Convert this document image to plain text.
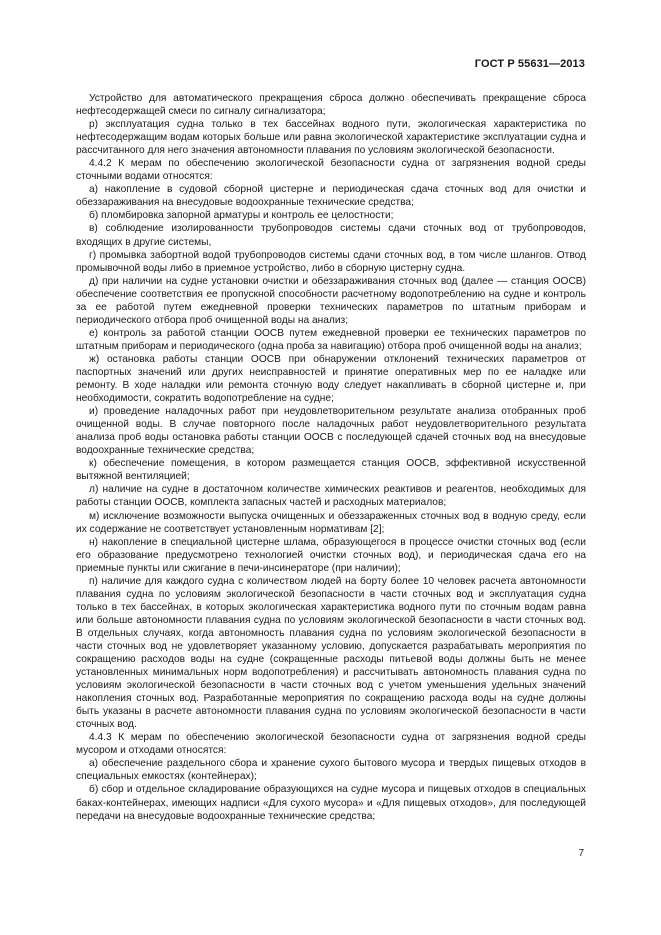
ГОСТ Р 55631—2013

Устройство для автоматического прекращения сброса должно обеспечивать прекращение сброса нефтесодержащей смеси по сигналу сигнализатора;

р) эксплуатация судна только в тех бассейнах водного пути, экологическая характеристика по нефтесодержащим водам которых больше или равна экологической характеристике эксплуатации судна и рассчитанного для него значения автономности плавания по условиям экологической безопасности.

4.4.2 К мерам по обеспечению экологической безопасности судна от загрязнения водной среды сточными водами относятся:

а) накопление в судовой сборной цистерне и периодическая сдача сточных вод для очистки и обеззараживания на внесудовые водоохранные технические средства;

б) пломбировка запорной арматуры и контроль ее целостности;

в) соблюдение изолированности трубопроводов системы сдачи сточных вод от трубопроводов, входящих в другие системы,

г) промывка забортной водой трубопроводов системы сдачи сточных вод, в том числе шлангов. Отвод промывочной воды либо в приемное устройство, либо в сборную цистерну судна.

д) при наличии на судне установки очистки и обеззараживания сточных вод (далее — станция ООСВ) обеспечение соответствия ее пропускной способности расчетному водопотреблению на судне и контроль за ее работой путем ежедневной проверки технических параметров по штатным приборам и периодического отбора проб очищенной воды на анализ;

е) контроль за работой станции ООСВ путем ежедневной проверки ее технических параметров по штатным приборам и периодического (одна проба за навигацию) отбора проб очищенной воды на анализ;

ж) остановка работы станции ООСВ при обнаружении отклонений технических параметров от паспортных значений или других неисправностей и принятие оперативных мер по ее наладке или ремонту. В ходе наладки или ремонта сточную воду следует накапливать в сборной цистерне и, при необходимости, сократить водопотребление на судне;

и) проведение наладочных работ при неудовлетворительном результате анализа отобранных проб очищенной воды. В случае повторного после наладочных работ неудовлетворительного результата анализа проб воды остановка работы станции ООСВ с последующей сдачей сточных вод на внесудовые водоохранные технические средства;

к) обеспечение помещения, в котором размещается станция ООСВ, эффективной искусственной вытяжной вентиляцией;

л) наличие на судне в достаточном количестве химических реактивов и реагентов, необходимых для работы станции ООСВ, комплекта запасных частей и расходных материалов;

м) исключение возможности выпуска очищенных и обеззараженных сточных вод в водную среду, если их содержание не соответствует установленным нормативам [2];

н) накопление в специальной цистерне шлама, образующегося в процессе очистки сточных вод (если его образование предусмотрено технологией очистки сточных вод), и периодическая сдача его на приемные пункты или сжигание в печи-инсинераторе (при наличии);

п) наличие для каждого судна с количеством людей на борту более 10 человек расчета автономности плавания судна по условиям экологической безопасности в части сточных вод и эксплуатация судна только в тех бассейнах, в которых экологическая характеристика водного пути по сточным водам равна или больше автономности плавания судна по условиям экологической безопасности в части сточных вод. В отдельных случаях, когда автономность плавания судна по условиям экологической безопасности в части сточных вод не удовлетворяет указанному условию, допускается разрабатывать мероприятия по сокращению расходов воды на судне (сокращенные расходы питьевой воды должны быть не менее установленных минимальных норм водопотребления) и рассчитывать автономность плавания судна по условиям экологической безопасности в части сточных вод с учетом уменьшения удельных значений накопления сточных вод. Разработанные мероприятия по сокращению расхода воды на судне должны быть указаны в расчете автономности плавания судна по условиям экологической безопасности в части сточных вод.

4.4.3 К мерам по обеспечению экологической безопасности судна от загрязнения водной среды мусором и отходами относятся:

а) обеспечение раздельного сбора и хранение сухого бытового мусора и твердых пищевых отходов в специальных емкостях (контейнерах);

б) сбор и отдельное складирование образующихся на судне мусора и пищевых отходов в специальных баках-контейнерах, имеющих надписи «Для сухого мусора» и «Для пищевых отходов», для последующей передачи на внесудовые водоохранные технические средства;

7
